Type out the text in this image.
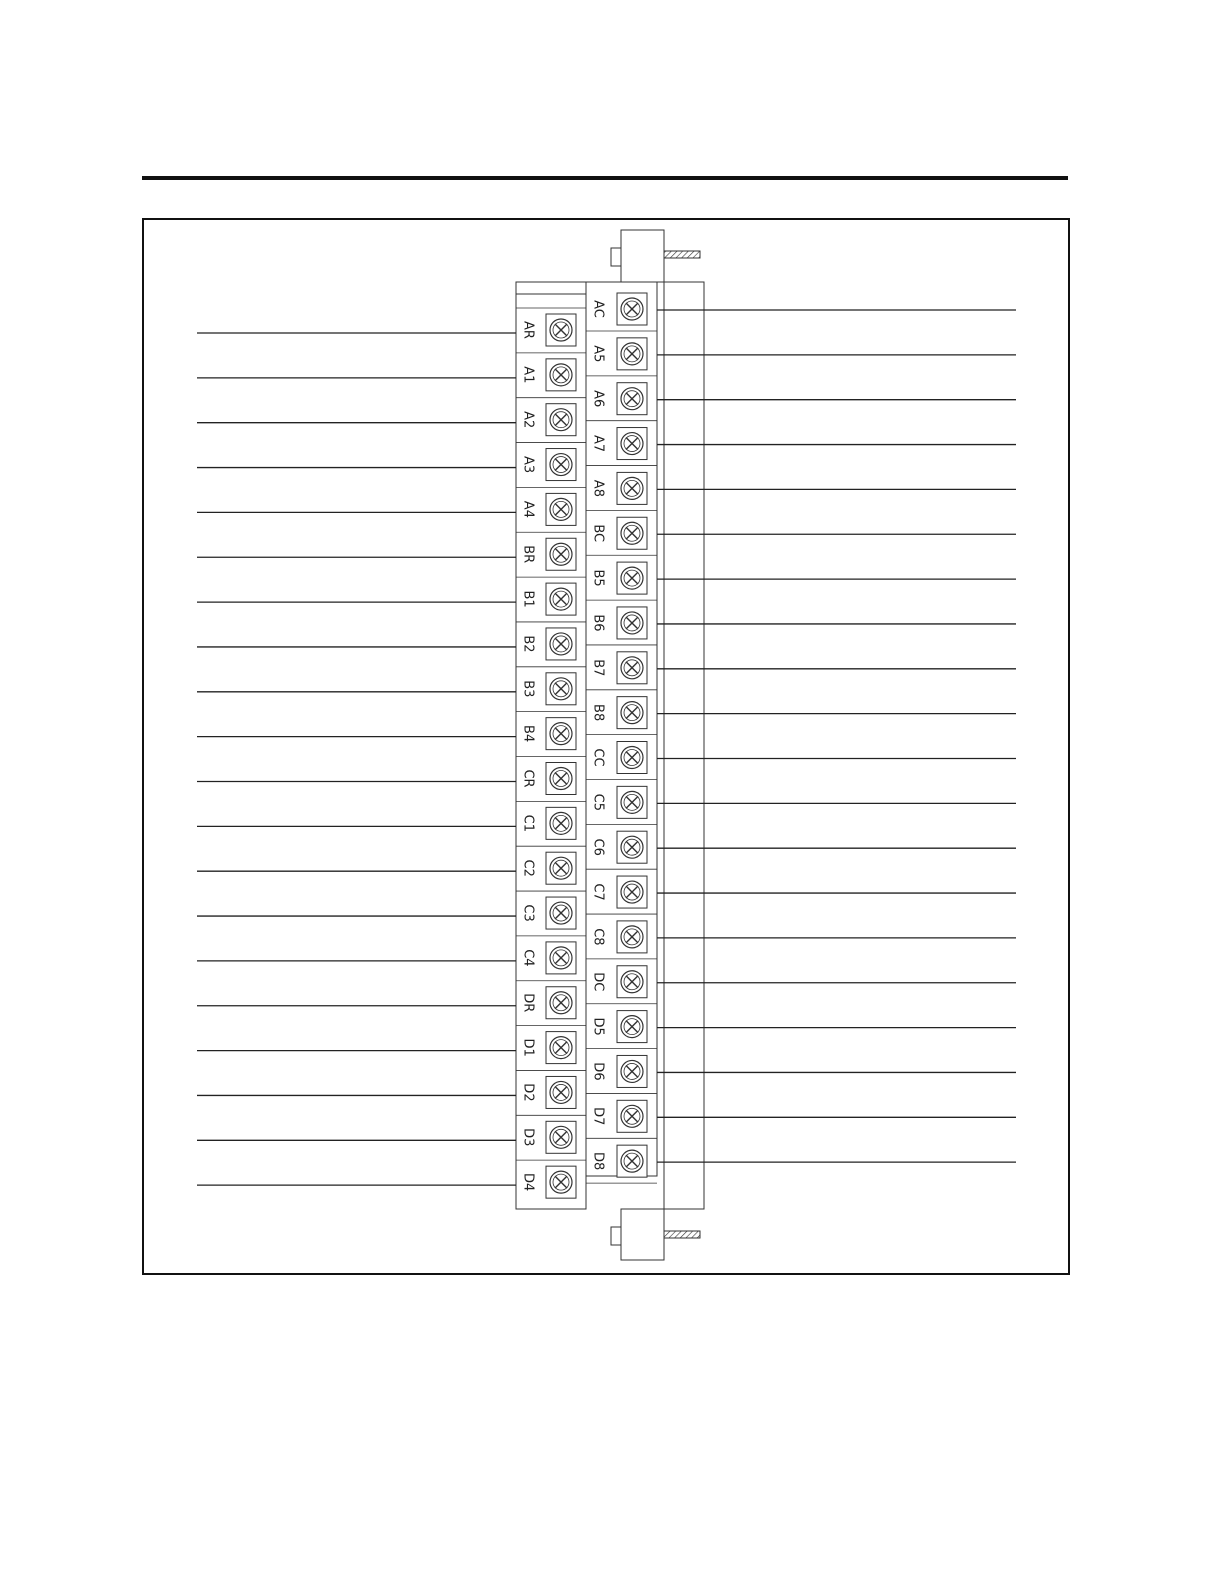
AR
A1
A2
A3
A4
BR
B1
B2
B3
B4
CR
C1
C2
C3
C4
DR
D1
D2
D3
D4
AC
A5
A6
A7
A8
BC
B5
B6
B7
B8
CC
C5
C6
C7
C8
DC
D5
D6
D7
D8
